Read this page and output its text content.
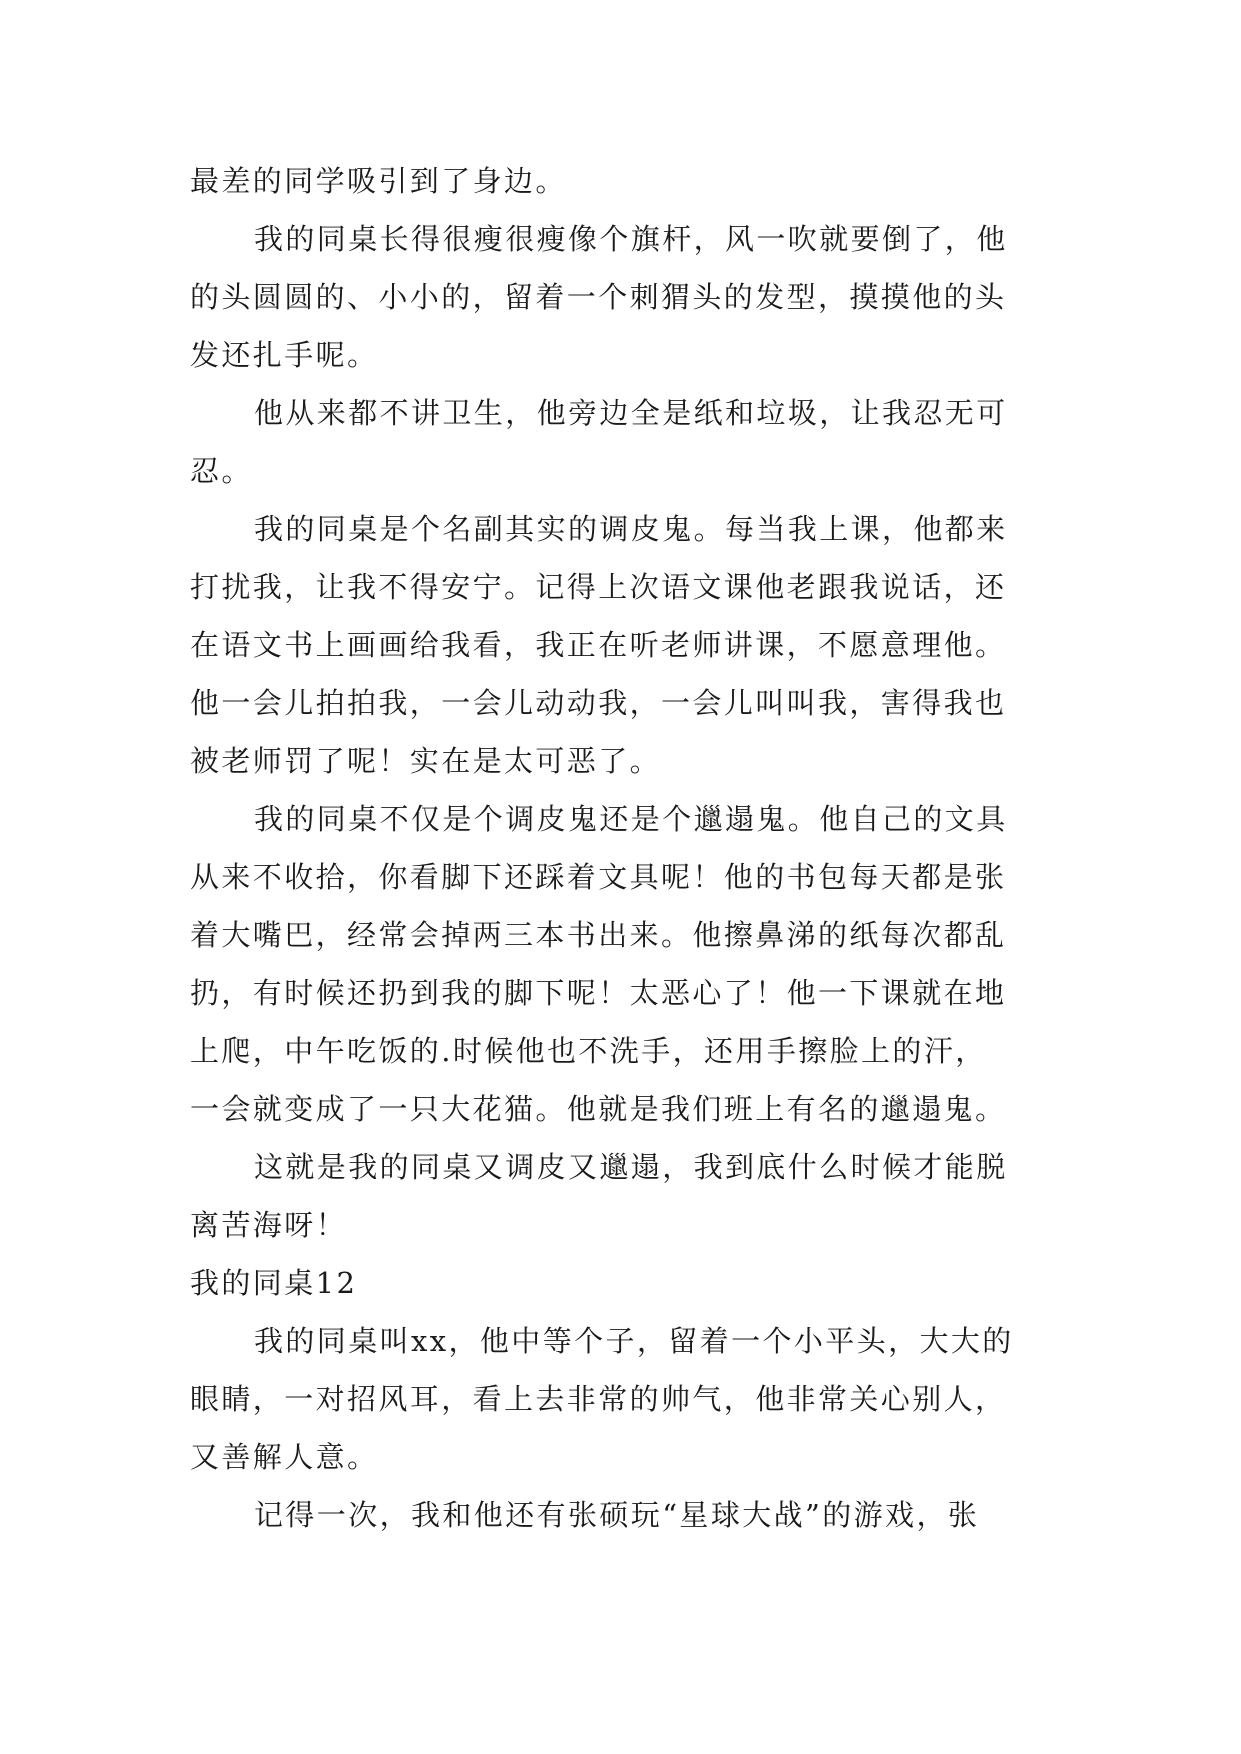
最差的同学吸引到了身边。
我的同桌长得很瘦很瘦像个旗杆，风一吹就要倒了，他
的头圆圆的、小小的，留着一个刺猬头的发型，摸摸他的头
发还扎手呢。
他从来都不讲卫生，他旁边全是纸和垃圾，让我忍无可
忍。
我的同桌是个名副其实的调皮鬼。每当我上课，他都来
打扰我，让我不得安宁。记得上次语文课他老跟我说话，还
在语文书上画画给我看，我正在听老师讲课，不愿意理他。
他一会儿拍拍我，一会儿动动我，一会儿叫叫我，害得我也
被老师罚了呢！实在是太可恶了。
我的同桌不仅是个调皮鬼还是个邋遢鬼。他自己的文具
从来不收拾，你看脚下还踩着文具呢！他的书包每天都是张
着大嘴巴，经常会掉两三本书出来。他擦鼻涕的纸每次都乱
扔，有时候还扔到我的脚下呢！太恶心了！他一下课就在地
上爬，中午吃饭的.时候他也不洗手，还用手擦脸上的汗，
一会就变成了一只大花猫。他就是我们班上有名的邋遢鬼。
这就是我的同桌又调皮又邋遢，我到底什么时候才能脱
离苦海呀！
我的同桌12
我的同桌叫xx，他中等个子，留着一个小平头，大大的
眼睛，一对招风耳，看上去非常的帅气，他非常关心别人，
又善解人意。
记得一次，我和他还有张硕玩“星球大战”的游戏，张
